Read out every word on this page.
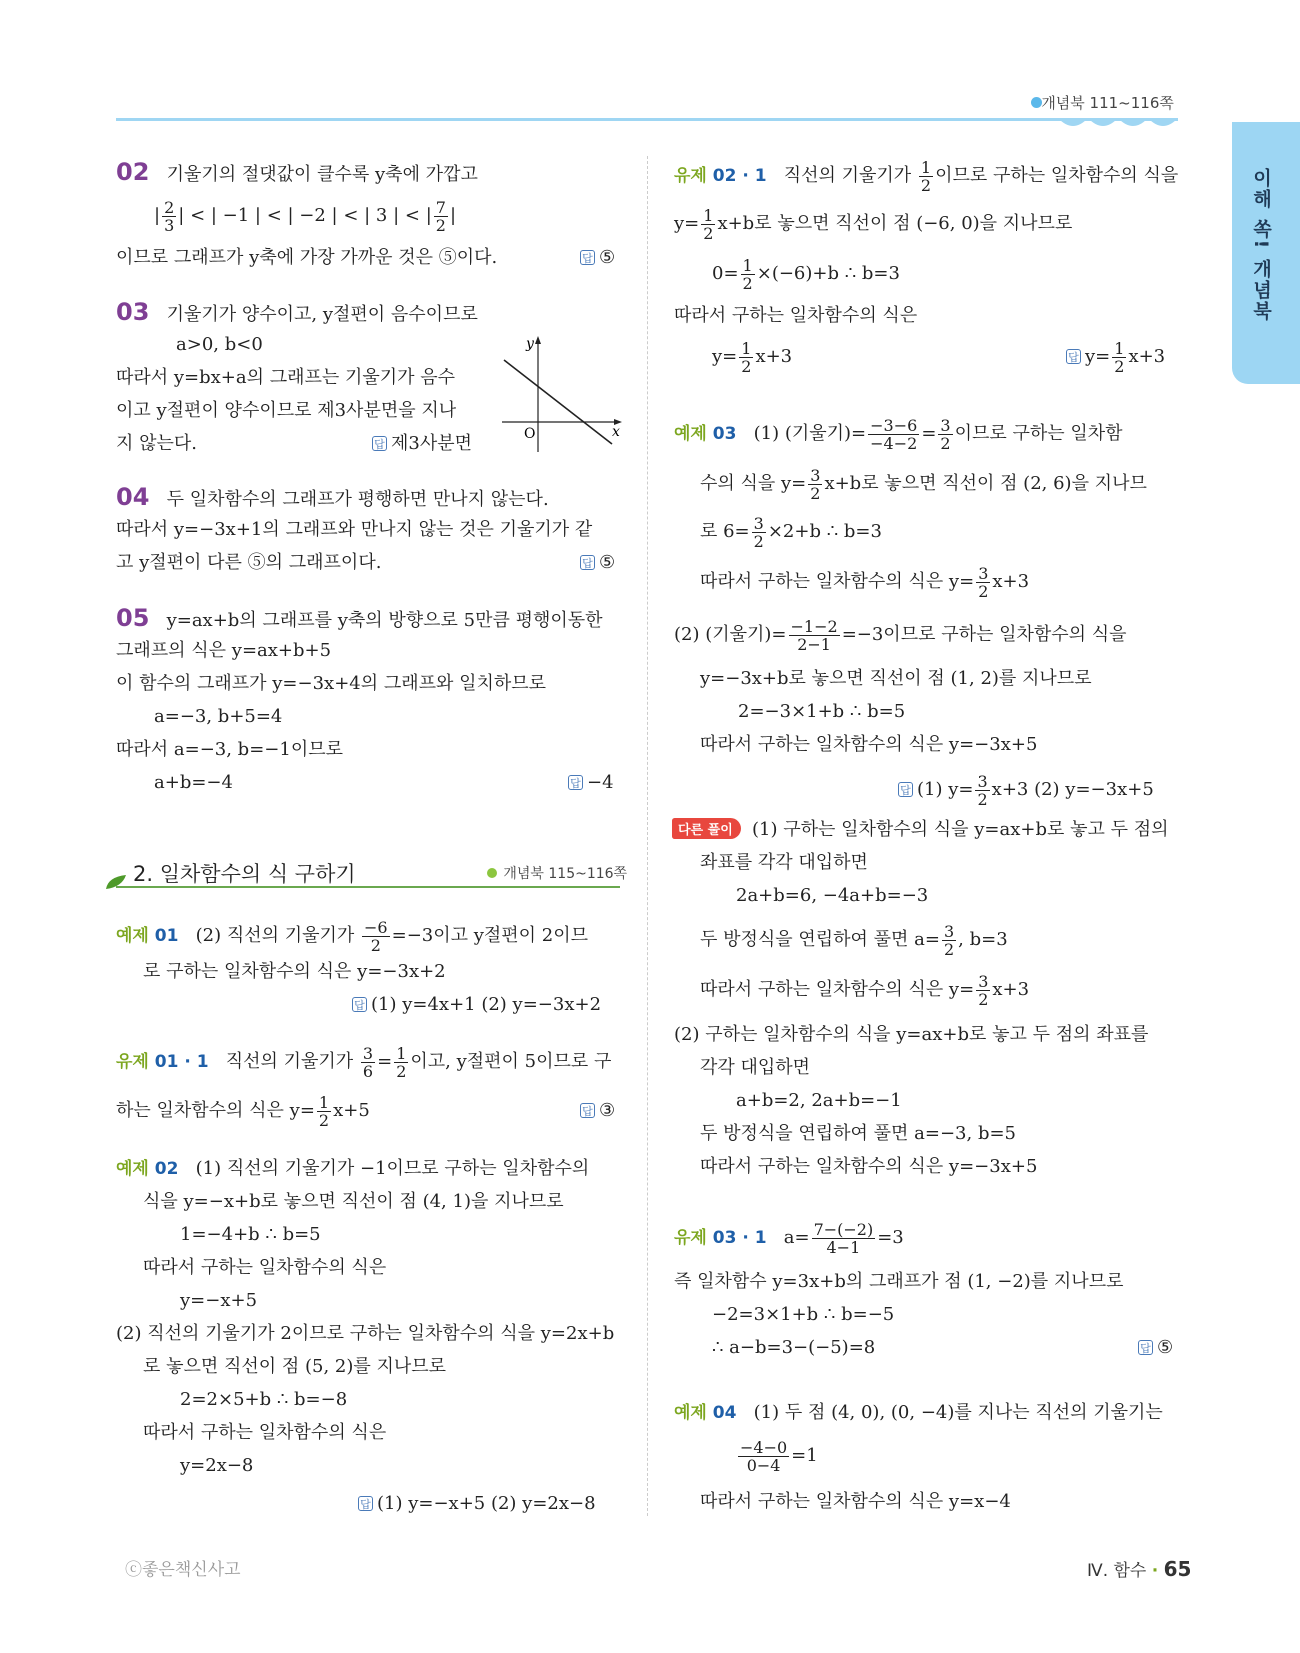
개념북 111~116쪽
이해 쏙! 개념북
02 기울기의 절댓값이 클수록 y축에 가깝고
| $\frac{2}{3}$ | < | −1 | < | −2 | < | 3 | < | $\frac{7}{2}$ |
이므로 그래프가 y축에 가장 가까운 것은 ⑤이다.	답 ⑤
03 기울기가 양수이고, y절편이 음수이므로
a>0, b<0
따라서 y=bx+a의 그래프는 기울기가 음수
이고 y절편이 양수이므로 제3사분면을 지나
지 않는다.	답 제3사분면
y
x
O
04 두 일차함수의 그래프가 평행하면 만나지 않는다.
따라서 y=−3x+1의 그래프와 만나지 않는 것은 기울기가 같
고 y절편이 다른 ⑤의 그래프이다.	답 ⑤
05 y=ax+b의 그래프를 y축의 방향으로 5만큼 평행이동한
그래프의 식은 y=ax+b+5
이 함수의 그래프가 y=−3x+4의 그래프와 일치하므로
a=−3, b+5=4
따라서 a=−3, b=−1이므로
a+b=−4	답 −4
2. 일차함수의 식 구하기	개념북 115~116쪽
예제 01 (2) 직선의 기울기가 $\frac{-6}{2} =-3$이고 y절편이 2이므
로 구하는 일차함수의 식은 y=−3x+2
답 (1) y=4x+1 (2) y=−3x+2
유제 01 · 1 직선의 기울기가 $\frac{3}{6} = \frac{1}{2}$ 이고, y절편이 5이므로 구
하는 일차함수의 식은 $y= \frac{1}{2} x+5$	답 ③
예제 02 (1) 직선의 기울기가 −1이므로 구하는 일차함수의
식을 y=−x+b로 놓으면 직선이 점 (4, 1)을 지나므로
1=−4+b ∴ b=5
따라서 구하는 일차함수의 식은
y=−x+5
(2) 직선의 기울기가 2이므로 구하는 일차함수의 식을 y=2x+b
로 놓으면 직선이 점 (5, 2)를 지나므로
2=2×5+b ∴ b=−8
따라서 구하는 일차함수의 식은
y=2x−8
답 (1) y=−x+5 (2) y=2x−8
유제 02 · 1 직선의 기울기가 $\frac{1}{2}$ 이므로 구하는 일차함수의 식을
$y= \frac{1}{2} x+b$로 놓으면 직선이 점 (−6, 0)을 지나므로
$0= \frac{1}{2} \times(-6)+b$ ∴ b=3
따라서 구하는 일차함수의 식은
$y= \frac{1}{2} x+3$	답 $y= \frac{1}{2} x+3$
예제 03 (1) (기울기)= $\frac{-3-6}{-4-2} = \frac{3}{2}$ 이므로 구하는 일차함
수의 식을 $y= \frac{3}{2} x+b$로 놓으면 직선이 점 (2, 6)을 지나므
로 $6= \frac{3}{2} \times 2+b$ ∴ b=3
따라서 구하는 일차함수의 식은 $y= \frac{3}{2} x+3$
(2) (기울기)= $\frac{-1-2}{2-1} =-3$이므로 구하는 일차함수의 식을
y=−3x+b로 놓으면 직선이 점 (1, 2)를 지나므로
2=−3×1+b ∴ b=5
따라서 구하는 일차함수의 식은 y=−3x+5
답 (1) $y= \frac{3}{2} x+3$ (2) y=−3x+5
다른 풀이	(1) 구하는 일차함수의 식을 y=ax+b로 놓고 두 점의
좌표를 각각 대입하면
2a+b=6, −4a+b=−3
두 방정식을 연립하여 풀면 $a= \frac{3}{2}$ , b=3
따라서 구하는 일차함수의 식은 $y= \frac{3}{2} x+3$
(2) 구하는 일차함수의 식을 y=ax+b로 놓고 두 점의 좌표를
각각 대입하면
a+b=2, 2a+b=−1
두 방정식을 연립하여 풀면 a=−3, b=5
따라서 구하는 일차함수의 식은 y=−3x+5
유제 03 · 1 $a= \frac{7-(-2)}{4-1} =3$
즉 일차함수 y=3x+b의 그래프가 점 (1, −2)를 지나므로
−2=3×1+b ∴ b=−5
∴ a−b=3−(−5)=8	답 ⑤
예제 04 (1) 두 점 (4, 0), (0, −4)를 지나는 직선의 기울기는
$\frac{-4-0}{0-4} =1$
따라서 구하는 일차함수의 식은 y=x−4
ⓒ좋은책신사고	Ⅳ. 함수 · 65
